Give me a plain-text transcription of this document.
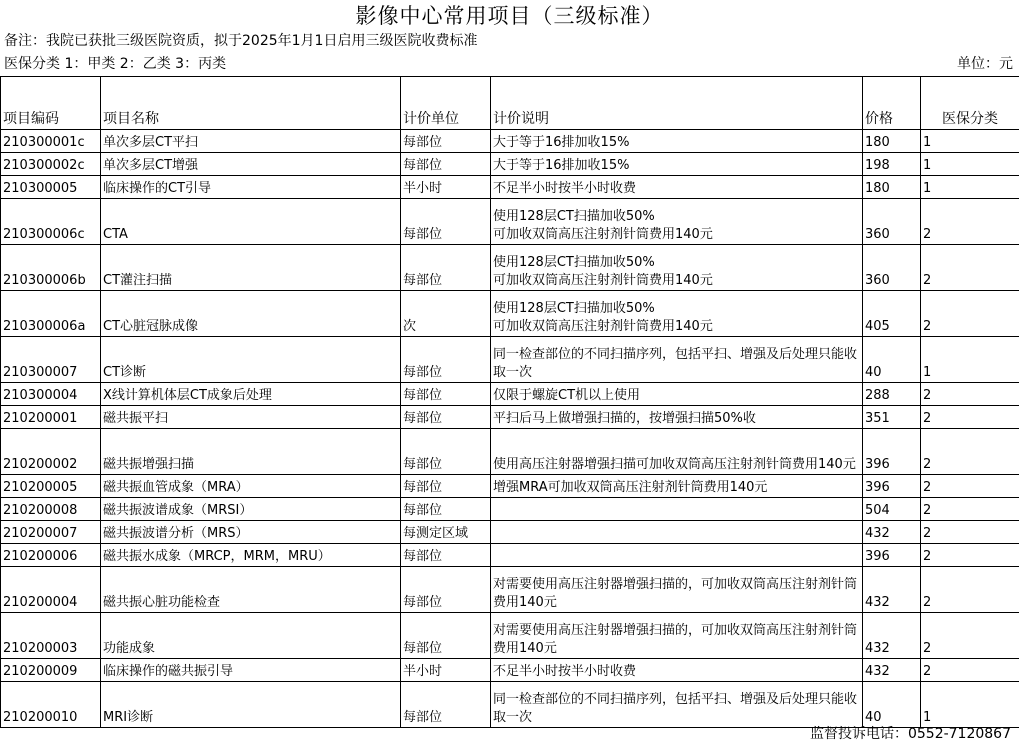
影像中心常用项目（三级标准）
备注：我院已获批三级医院资质，拟于2025年1月1日启用三级医院收费标准
医保分类 1：甲类 2：乙类 3：丙类	单位：元
项目编码	项目名称	计价单位	计价说明	价格	医保分类
210300001c	单次多层CT平扫	每部位	大于等于16排加收15%	180	1
210300002c	单次多层CT增强	每部位	大于等于16排加收15%	198	1
210300005	临床操作的CT引导	半小时	不足半小时按半小时收费	180	1
210300006c	CTA	每部位	使用128层CT扫描加收50%
可加收双筒高压注射剂针筒费用140元	360	2
210300006b	CT灌注扫描	每部位	使用128层CT扫描加收50%
可加收双筒高压注射剂针筒费用140元	360	2
210300006a	CT心脏冠脉成像	次	使用128层CT扫描加收50%
可加收双筒高压注射剂针筒费用140元	405	2
210300007	CT诊断	每部位	同一检查部位的不同扫描序列，包括平扫、增强及后处理只能收取一次	40	1
210300004	X线计算机体层CT成象后处理	每部位	仅限于螺旋CT机以上使用	288	2
210200001	磁共振平扫	每部位	平扫后马上做增强扫描的，按增强扫描50%收	351	2
210200002	磁共振增强扫描	每部位	使用高压注射器增强扫描可加收双筒高压注射剂针筒费用140元	396	2
210200005	磁共振血管成象（MRA）	每部位	增强MRA可加收双筒高压注射剂针筒费用140元	396	2
210200008	磁共振波谱成象（MRSI）	每部位		504	2
210200007	磁共振波谱分析（MRS）	每测定区域		432	2
210200006	磁共振水成象（MRCP，MRM，MRU）	每部位		396	2
210200004	磁共振心脏功能检查	每部位	对需要使用高压注射器增强扫描的，可加收双筒高压注射剂针筒费用140元	432	2
210200003	功能成象	每部位	对需要使用高压注射器增强扫描的，可加收双筒高压注射剂针筒费用140元	432	2
210200009	临床操作的磁共振引导	半小时	不足半小时按半小时收费	432	2
210200010	MRI诊断	每部位	同一检查部位的不同扫描序列，包括平扫、增强及后处理只能收取一次	40	1
监督投诉电话：0552-7120867
